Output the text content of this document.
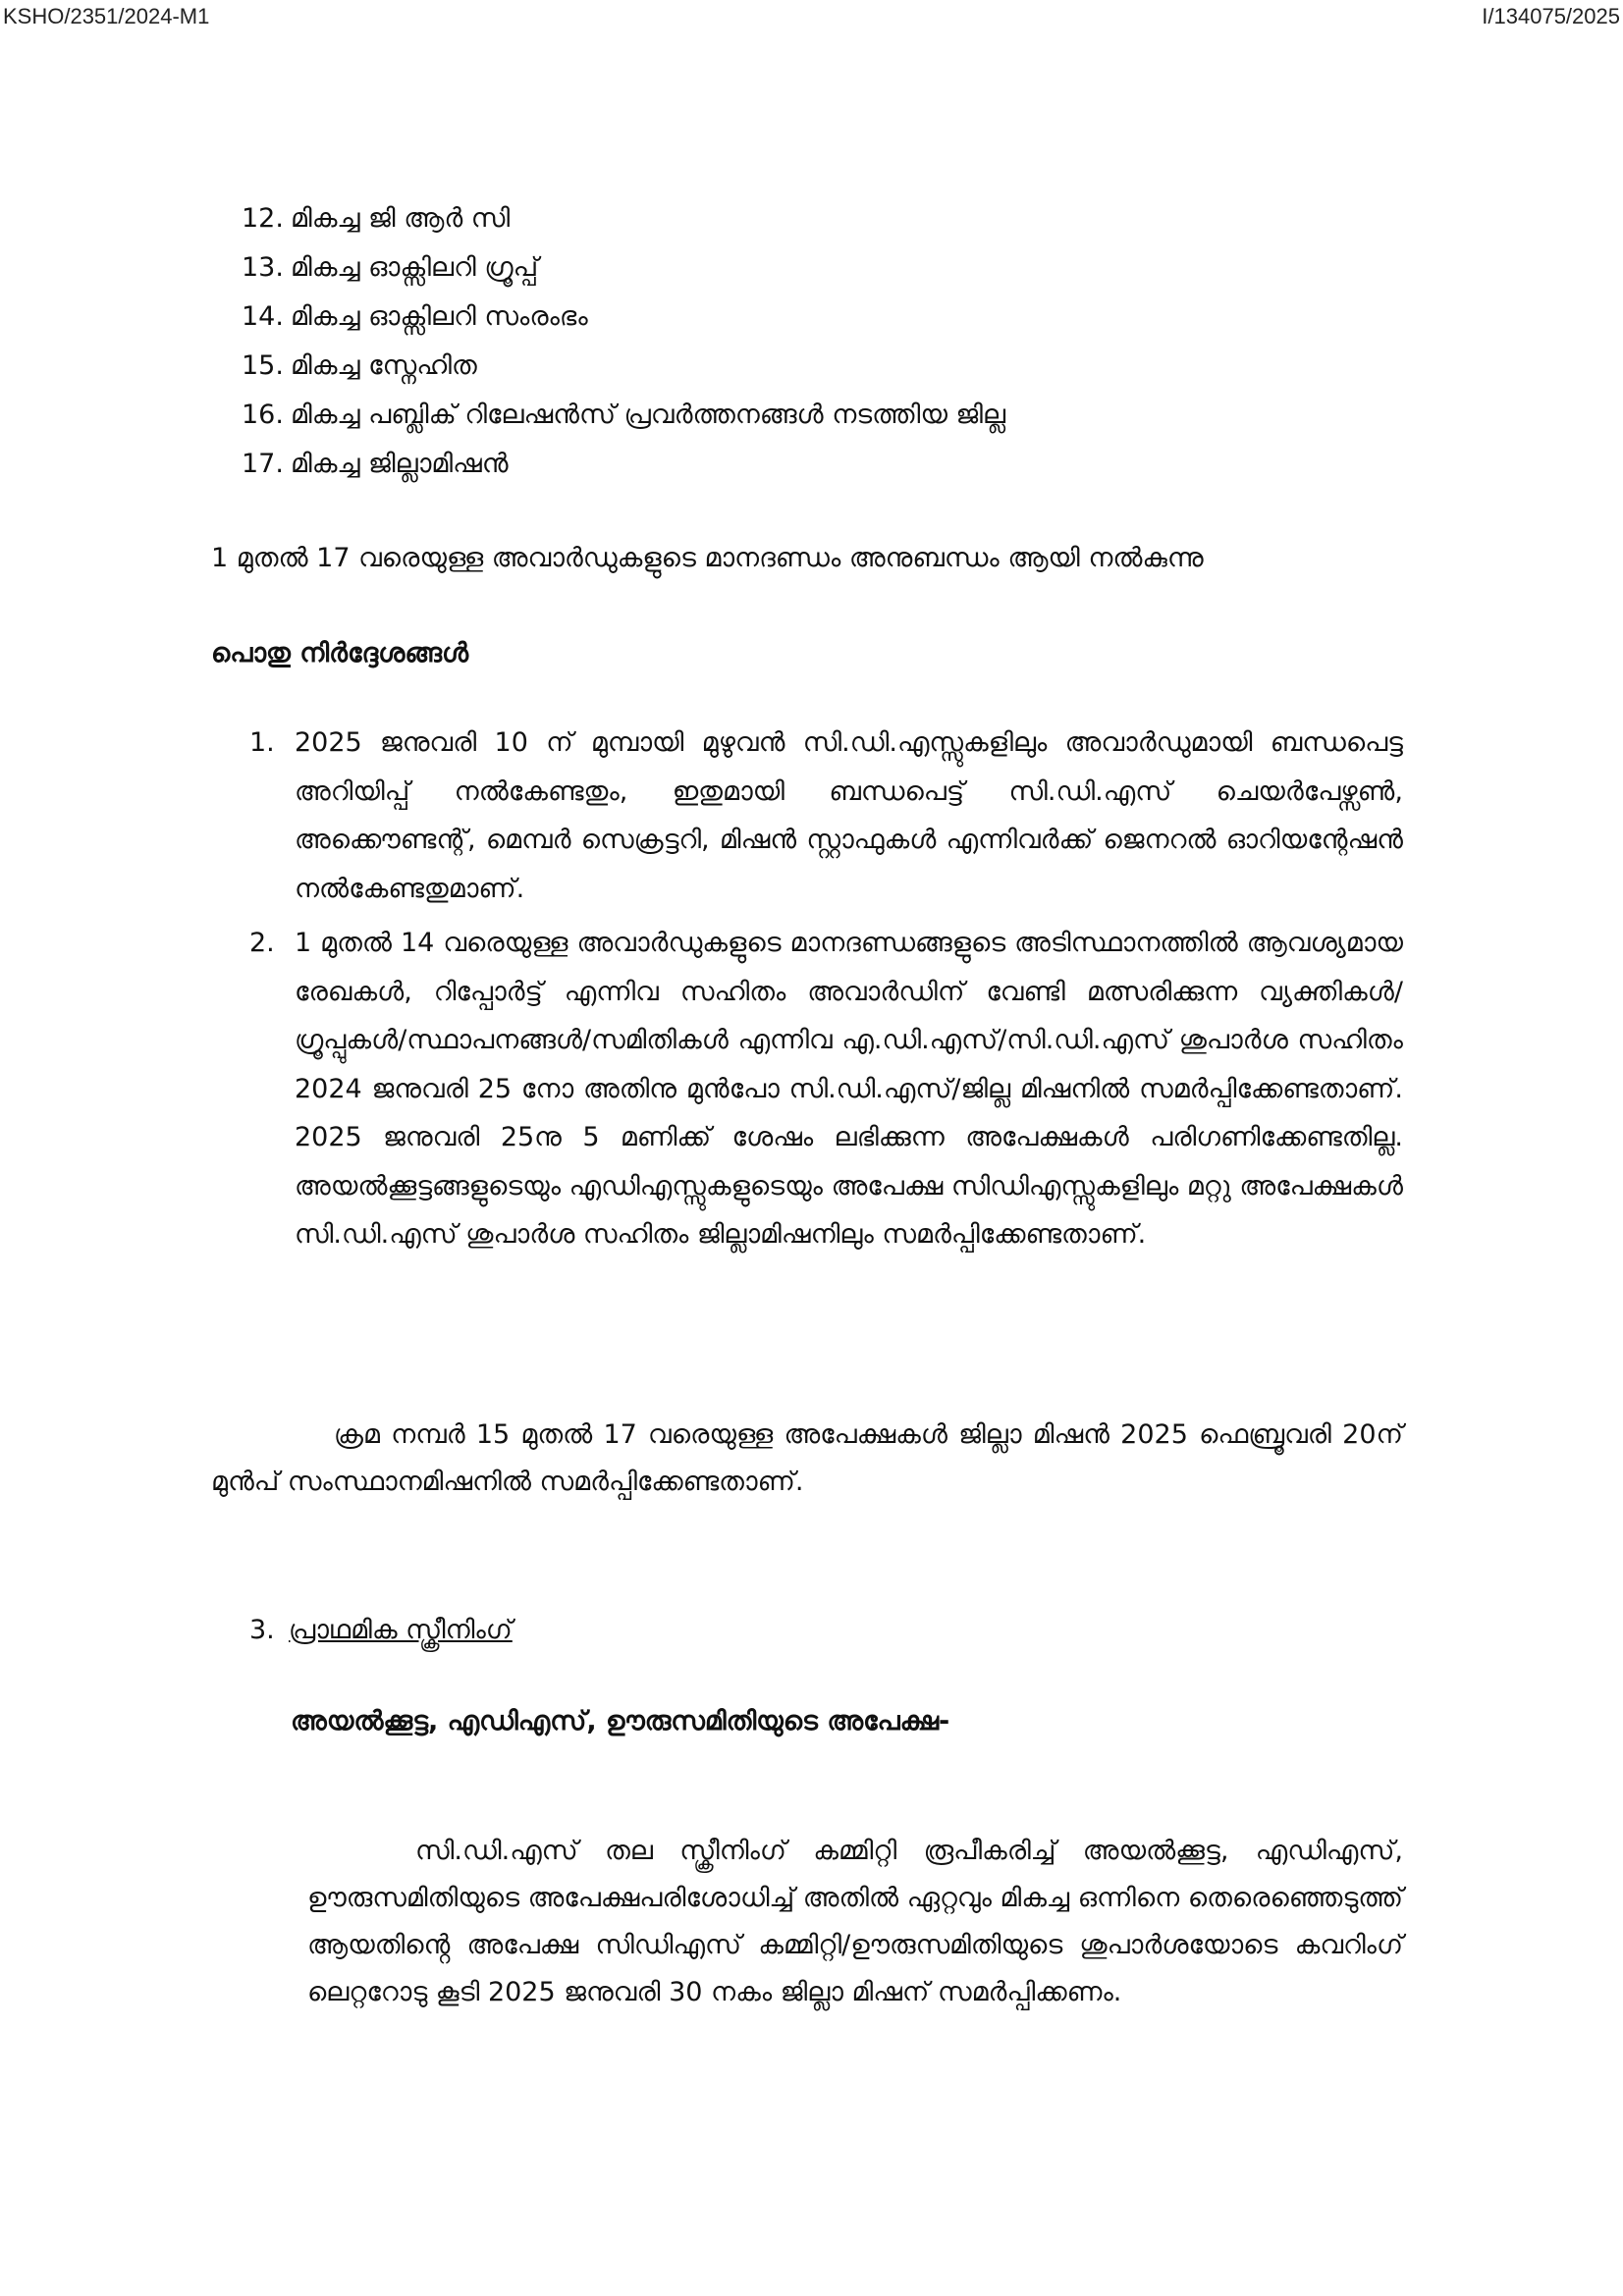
KSHO/2351/2024-M1	I/134075/2025
12. മികച്ച ജി ആർ സി
13. മികച്ച ഓക്സിലറി ഗ്രൂപ്പ്
14. മികച്ച ഓക്സിലറി സംരംഭം
15. മികച്ച സ്നേഹിത
16. മികച്ച പബ്ലിക് റിലേഷൻസ് പ്രവർത്തനങ്ങൾ നടത്തിയ ജില്ല
17. മികച്ച ജില്ലാമിഷൻ
1 മുതൽ 17 വരെയുള്ള അവാർഡുകളുടെ മാനദണ്ഡം അനുബന്ധം ആയി നൽകുന്നു
പൊതു നിർദ്ദേശങ്ങൾ
1. 2025 ജനുവരി 10 ന് മുമ്പായി മുഴുവൻ സി.ഡി.എസ്സുകളിലും അവാർഡുമായി ബന്ധപെട്ട അറിയിപ്പ് നൽകേണ്ടതും, ഇതുമായി ബന്ധപെട്ട് സി.ഡി.എസ് ചെയർപേഴ്സൺ, അക്കൌണ്ടന്റ്, മെമ്പർ സെക്രട്ടറി, മിഷൻ സ്റ്റാഫുകൾ എന്നിവർക്ക് ജെനറൽ ഓറിയന്റേഷൻ നൽകേണ്ടതുമാണ്.
2. 1 മുതൽ 14 വരെയുള്ള അവാർഡുകളുടെ മാനദണ്ഡങ്ങളുടെ അടിസ്ഥാനത്തിൽ ആവശ്യമായ രേഖകൾ, റിപ്പോർട്ട് എന്നിവ സഹിതം അവാർഡിന് വേണ്ടി മത്സരിക്കുന്ന വ്യക്തികൾ/ഗ്രൂപ്പുകൾ/സ്ഥാപനങ്ങൾ/സമിതികൾ എന്നിവ എ.ഡി.എസ്/സി.ഡി.എസ് ശുപാർശ സഹിതം 2024 ജനുവരി 25 നോ അതിനു മുൻപോ സി.ഡി.എസ്/ജില്ല മിഷനിൽ സമർപ്പിക്കേണ്ടതാണ്. 2025 ജനുവരി 25നു 5 മണിക്ക് ശേഷം ലഭിക്കുന്ന അപേക്ഷകൾ പരിഗണിക്കേണ്ടതില്ല. അയൽക്കൂട്ടങ്ങളുടെയും എഡിഎസ്സുകളുടെയും അപേക്ഷ സിഡിഎസ്സുകളിലും മറ്റു അപേക്ഷകൾ സി.ഡി.എസ് ശുപാർശ സഹിതം ജില്ലാമിഷനിലും സമർപ്പിക്കേണ്ടതാണ്.
ക്രമ നമ്പർ 15 മുതൽ 17 വരെയുള്ള അപേക്ഷകൾ ജില്ലാ മിഷൻ 2025 ഫെബ്രൂവരി 20ന് മുൻപ് സംസ്ഥാനമിഷനിൽ സമർപ്പിക്കേണ്ടതാണ്.
3. പ്രാഥമിക സ്ക്രീനിംഗ്
അയൽക്കൂട്ട, എഡിഎസ്, ഊരുസമിതിയുടെ അപേക്ഷ-
സി.ഡി.എസ് തല സ്ക്രീനിംഗ് കമ്മിറ്റി രൂപീകരിച്ച് അയൽക്കൂട്ട, എഡിഎസ്, ഊരുസമിതിയുടെ അപേക്ഷപരിശോധിച്ച് അതിൽ ഏറ്റവും മികച്ച ഒന്നിനെ തെരെഞ്ഞെടുത്ത് ആയതിൻ്റെ അപേക്ഷ സിഡിഎസ് കമ്മിറ്റി/ഊരുസമിതിയുടെ ശുപാർശയോടെ കവറിംഗ് ലെറ്ററോടു കൂടി 2025 ജനുവരി 30 നകം ജില്ലാ മിഷന് സമർപ്പിക്കണം.
